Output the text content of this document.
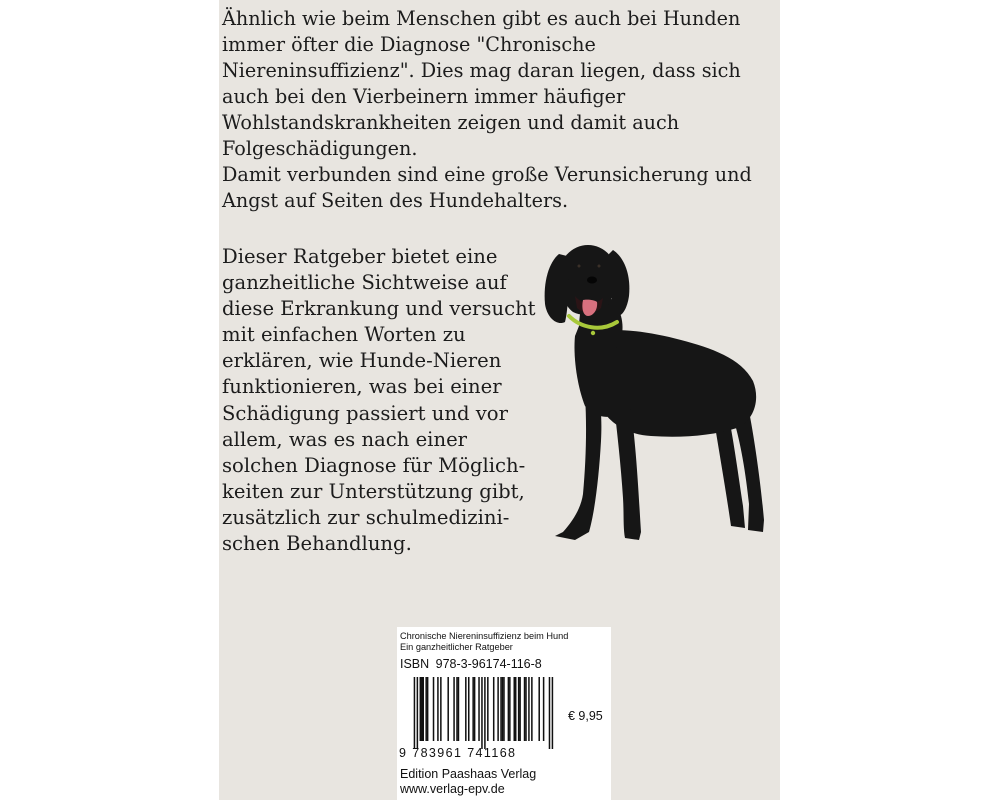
Ähnlich wie beim Menschen gibt es auch bei Hunden immer öfter die Diagnose "Chronische Niereninsuffizienz". Dies mag daran liegen, dass sich auch bei den Vierbeinern immer häufiger Wohlstandskrankheiten zeigen und damit auch Folgeschädigungen.

Damit verbunden sind eine große Verunsicherung und Angst auf Seiten des Hundehalters.

Dieser Ratgeber bietet eine
ganzheitliche Sichtweise auf
diese Erkrankung und versucht
mit einfachen Worten zu
erklären, wie Hunde-Nieren
funktionieren, was bei einer
Schädigung passiert und vor
allem, was es nach einer
solchen Diagnose für Möglich-
keiten zur Unterstützung gibt,
zusätzlich zur schulmedizini-
schen Behandlung.
Chronische Niereninsuffizienz beim Hund
Ein ganzheitlicher Ratgeber
ISBN 978-3-96174-116-8
9 783961 741168
€ 9,95
Edition Paashaas Verlag
www.verlag-epv.de
